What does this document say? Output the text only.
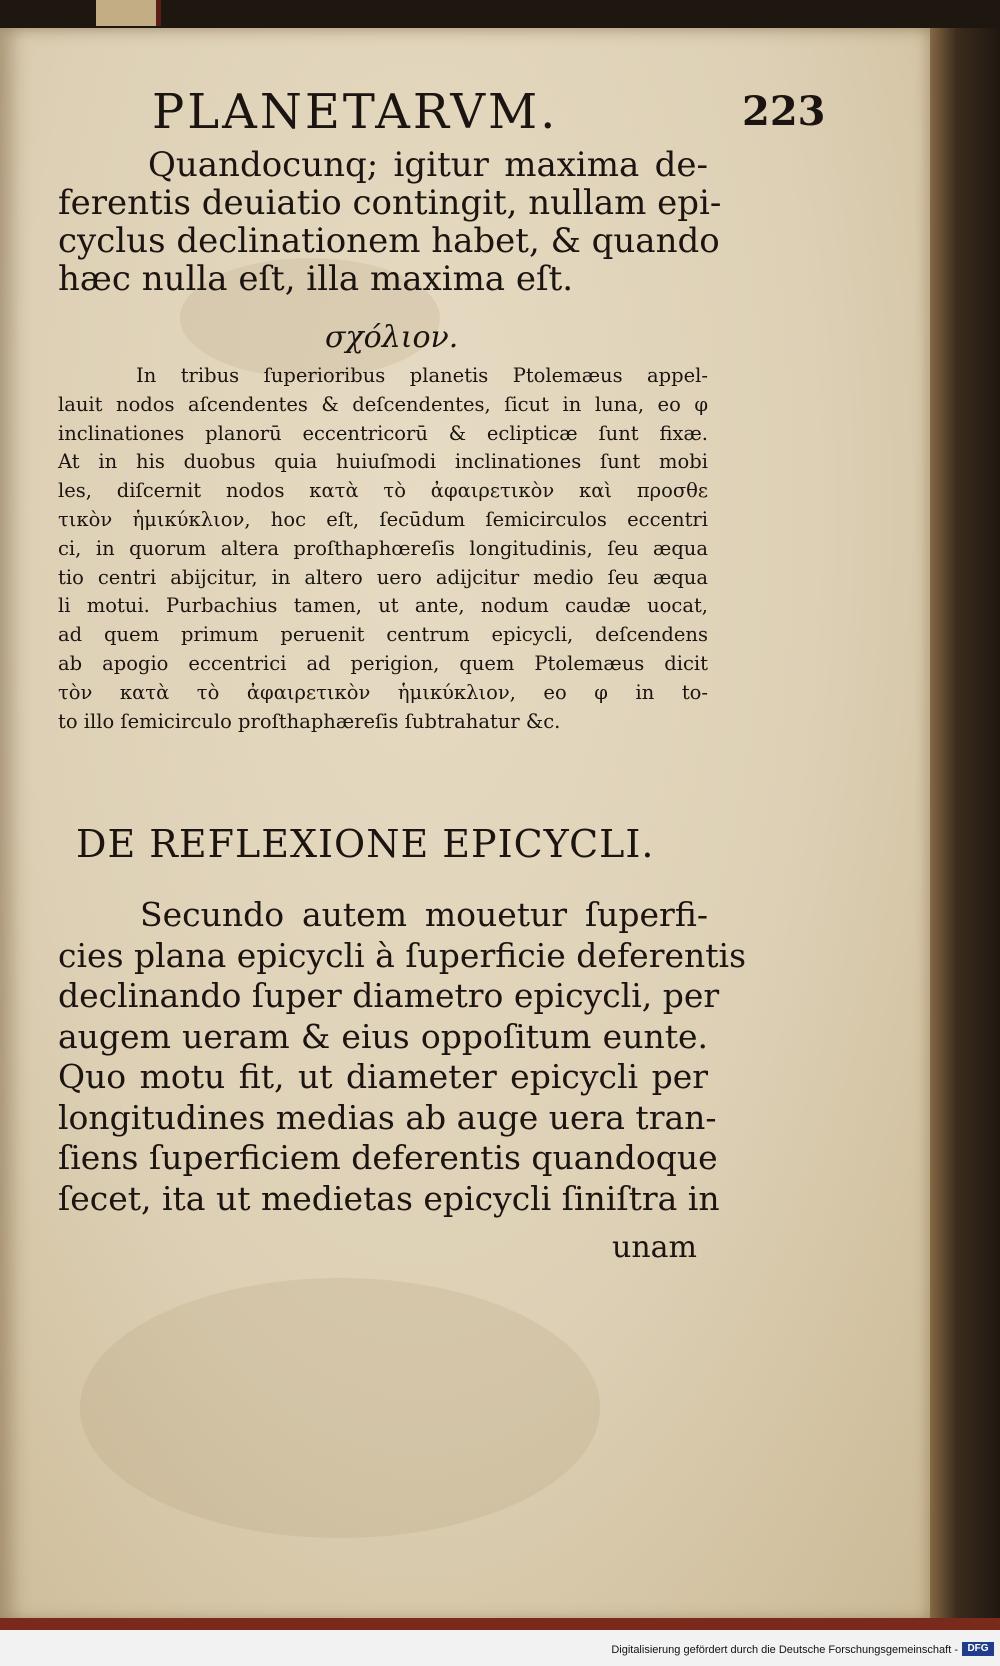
PLANETARVM.	223
Quandocunq; igitur maxima de-
ferentis deuiatio contingit, nullam epi-
cyclus declinationem habet, & quando
hæc nulla eſt, illa maxima eſt.
σχόλιον.
In tribus ſuperioribus planetis Ptolemæus appel-
lauit nodos aſcendentes & deſcendentes, ſicut in luna, eo φ
inclinationes planorū eccentricorū & eclipticæ ſunt fixæ.
At in his duobus quia huiuſmodi inclinationes ſunt mobi
les, diſcernit nodos κατὰ τὸ ἀφαιρετικὸν καὶ προσθε
τικὸν ἡμικύκλιον, hoc eſt, ſecūdum ſemicirculos eccentri
ci, in quorum altera proſthaphœreſis longitudinis, ſeu æqua
tio centri abijcitur, in altero uero adijcitur medio ſeu æqua
li motui. Purbachius tamen, ut ante, nodum caudæ uocat,
ad quem primum peruenit centrum epicycli, deſcendens
ab apogio eccentrici ad perigion, quem Ptolemæus dicit
τὸν κατὰ τὸ ἀφαιρετικὸν ἡμικύκλιον, eo φ in to-
to illo ſemicirculo proſthaphæreſis ſubtrahatur &c.
DE REFLEXIONE EPICYCLI.
Secundo autem mouetur ſuperfi-
cies plana epicycli à ſuperficie deferentis
declinando ſuper diametro epicycli, per
augem ueram & eius oppoſitum eunte.
Quo motu fit, ut diameter epicycli per
longitudines medias ab auge uera tran-
ſiens ſuperficiem deferentis quandoque
ſecet, ita ut medietas epicycli ſiniſtra in
unam
Digitalisierung gefördert durch die Deutsche Forschungsgemeinschaft - DFG
